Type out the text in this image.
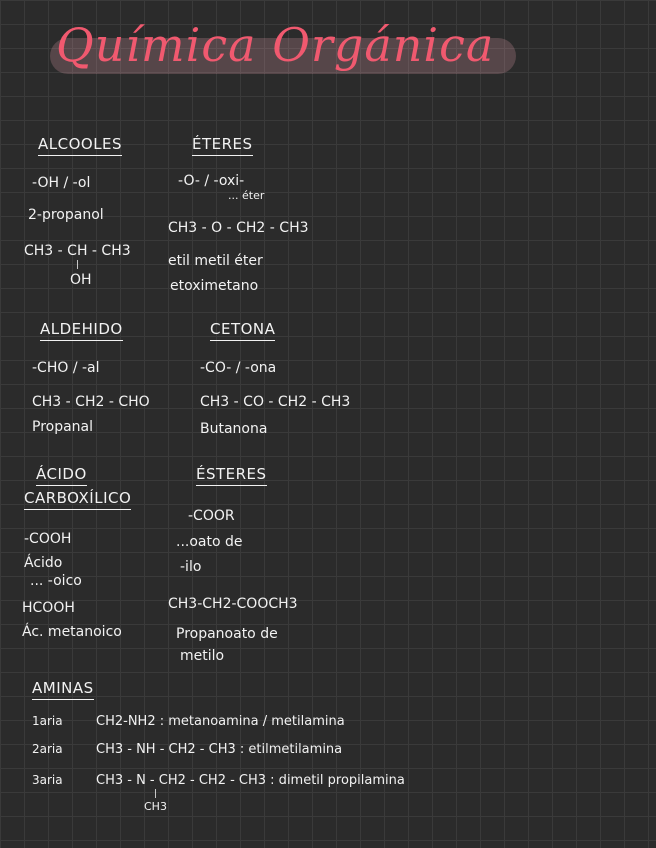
Química Orgánica
ALCOOLES
-OH / -ol
2-propanol
CH3 - CH - CH3
|
OH
ÉTERES
-O- / -oxi-
... éter
CH3 - O - CH2 - CH3
etil metil éter
etoximetano
ALDEHIDO
-CHO / -al
CH3 - CH2 - CHO
Propanal
CETONA
-CO- / -ona
CH3 - CO - CH2 - CH3
Butanona
ÁCIDO
CARBOXÍLICO
-COOH
Ácido
... -oico
HCOOH
Ác. metanoico
ÉSTERES
-COOR
...oato de
-ilo
CH3-CH2-COOCH3
Propanoato de
metilo
AMINAS
1aria	CH2-NH2 : metanoamina / metilamina
2aria	CH3 - NH - CH2 - CH3 : etilmetilamina
3aria	CH3 - N - CH2 - CH2 - CH3 : dimetil propilamina
|
CH3
